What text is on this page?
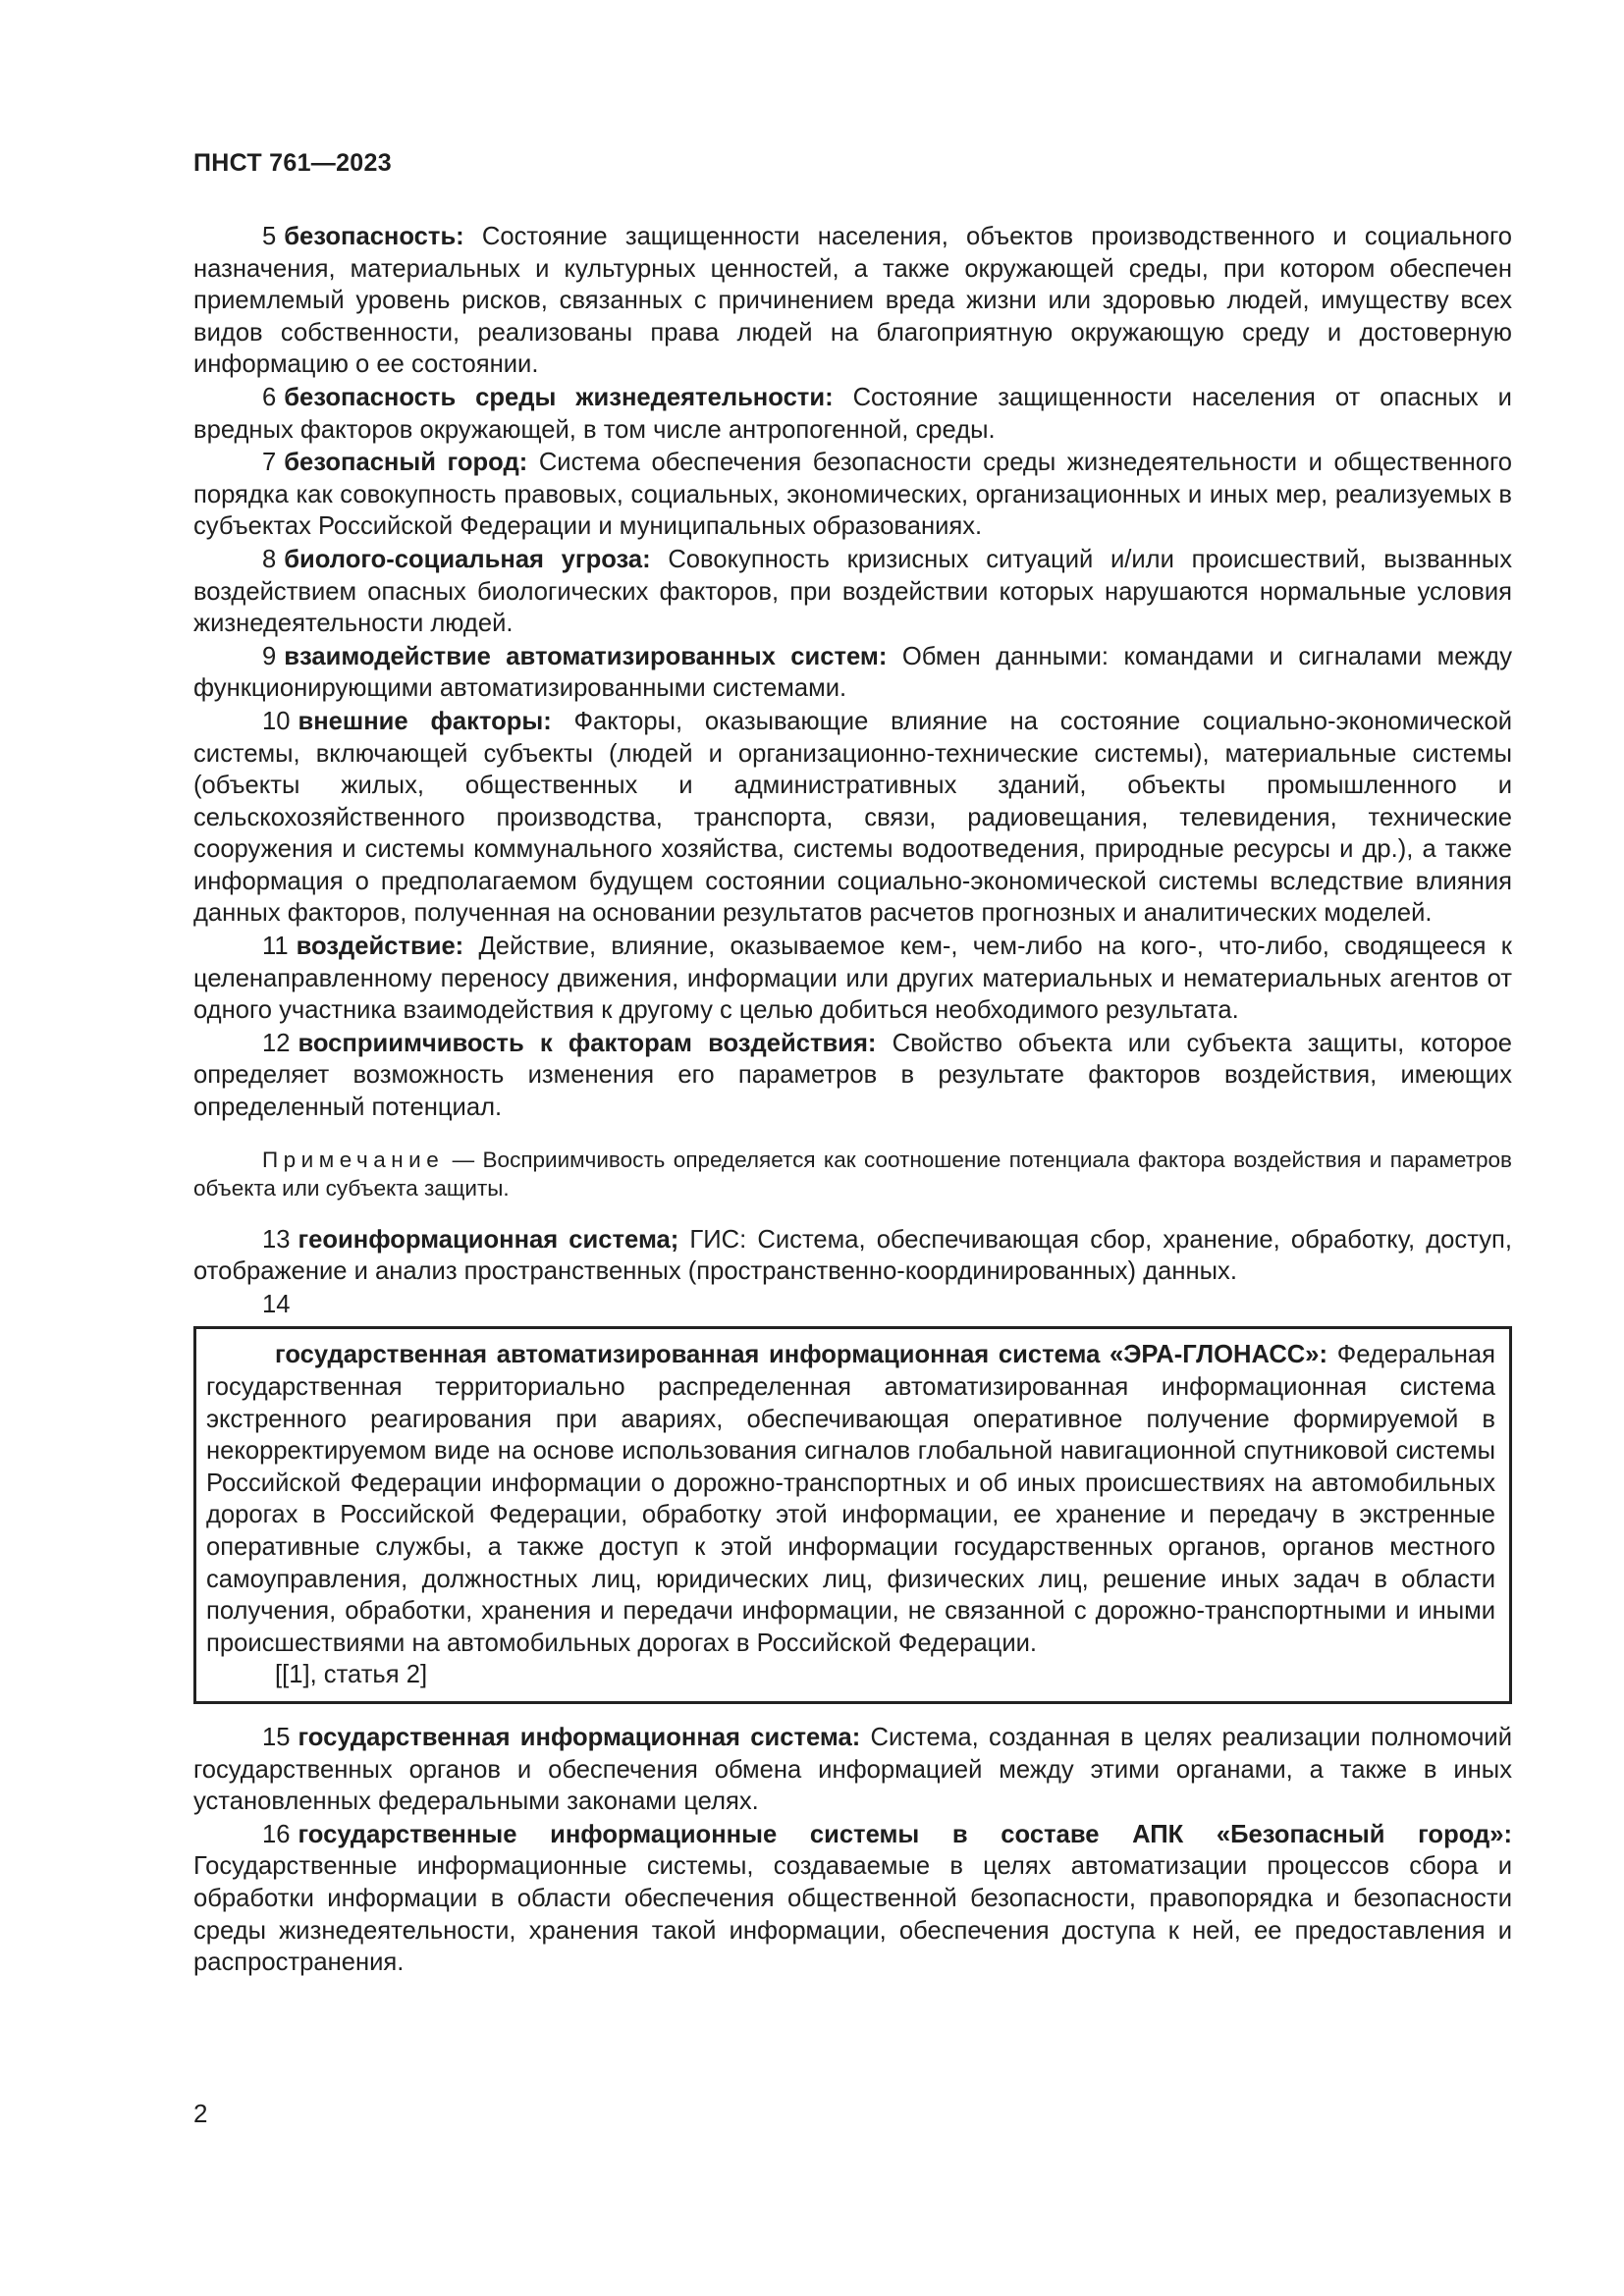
ПНСТ 761—2023

5 безопасность: Состояние защищенности населения, объектов производственного и социального назначения, материальных и культурных ценностей, а также окружающей среды, при котором обеспечен приемлемый уровень рисков, связанных с причинением вреда жизни или здоровью людей, имуществу всех видов собственности, реализованы права людей на благоприятную окружающую среду и достоверную информацию о ее состоянии.

6 безопасность среды жизнедеятельности: Состояние защищенности населения от опасных и вредных факторов окружающей, в том числе антропогенной, среды.

7 безопасный город: Система обеспечения безопасности среды жизнедеятельности и общественного порядка как совокупность правовых, социальных, экономических, организационных и иных мер, реализуемых в субъектах Российской Федерации и муниципальных образованиях.

8 биолого-социальная угроза: Совокупность кризисных ситуаций и/или происшествий, вызванных воздействием опасных биологических факторов, при воздействии которых нарушаются нормальные условия жизнедеятельности людей.

9 взаимодействие автоматизированных систем: Обмен данными: командами и сигналами между функционирующими автоматизированными системами.

10 внешние факторы: Факторы, оказывающие влияние на состояние социально-экономической системы, включающей субъекты (людей и организационно-технические системы), материальные системы (объекты жилых, общественных и административных зданий, объекты промышленного и сельскохозяйственного производства, транспорта, связи, радиовещания, телевидения, технические сооружения и системы коммунального хозяйства, системы водоотведения, природные ресурсы и др.), а также информация о предполагаемом будущем состоянии социально-экономической системы вследствие влияния данных факторов, полученная на основании результатов расчетов прогнозных и аналитических моделей.

11 воздействие: Действие, влияние, оказываемое кем-, чем-либо на кого-, что-либо, сводящееся к целенаправленному переносу движения, информации или других материальных и нематериальных агентов от одного участника взаимодействия к другому с целью добиться необходимого результата.

12 восприимчивость к факторам воздействия: Свойство объекта или субъекта защиты, которое определяет возможность изменения его параметров в результате факторов воздействия, имеющих определенный потенциал.

Примечание — Восприимчивость определяется как соотношение потенциала фактора воздействия и параметров объекта или субъекта защиты.

13 геоинформационная система; ГИС: Система, обеспечивающая сбор, хранение, обработку, доступ, отображение и анализ пространственных (пространственно-координированных) данных.

14

государственная автоматизированная информационная система «ЭРА-ГЛОНАСС»: Федеральная государственная территориально распределенная автоматизированная информационная система экстренного реагирования при авариях, обеспечивающая оперативное получение формируемой в некорректируемом виде на основе использования сигналов глобальной навигационной спутниковой системы Российской Федерации информации о дорожно-транспортных и об иных происшествиях на автомобильных дорогах в Российской Федерации, обработку этой информации, ее хранение и передачу в экстренные оперативные службы, а также доступ к этой информации государственных органов, органов местного самоуправления, должностных лиц, юридических лиц, физических лиц, решение иных задач в области получения, обработки, хранения и передачи информации, не связанной с дорожно-транспортными и иными происшествиями на автомобильных дорогах в Российской Федерации.

[[1], статья 2]

15 государственная информационная система: Система, созданная в целях реализации полномочий государственных органов и обеспечения обмена информацией между этими органами, а также в иных установленных федеральными законами целях.

16 государственные информационные системы в составе АПК «Безопасный город»: Государственные информационные системы, создаваемые в целях автоматизации процессов сбора и обработки информации в области обеспечения общественной безопасности, правопорядка и безопасности среды жизнедеятельности, хранения такой информации, обеспечения доступа к ней, ее предоставления и распространения.

2
